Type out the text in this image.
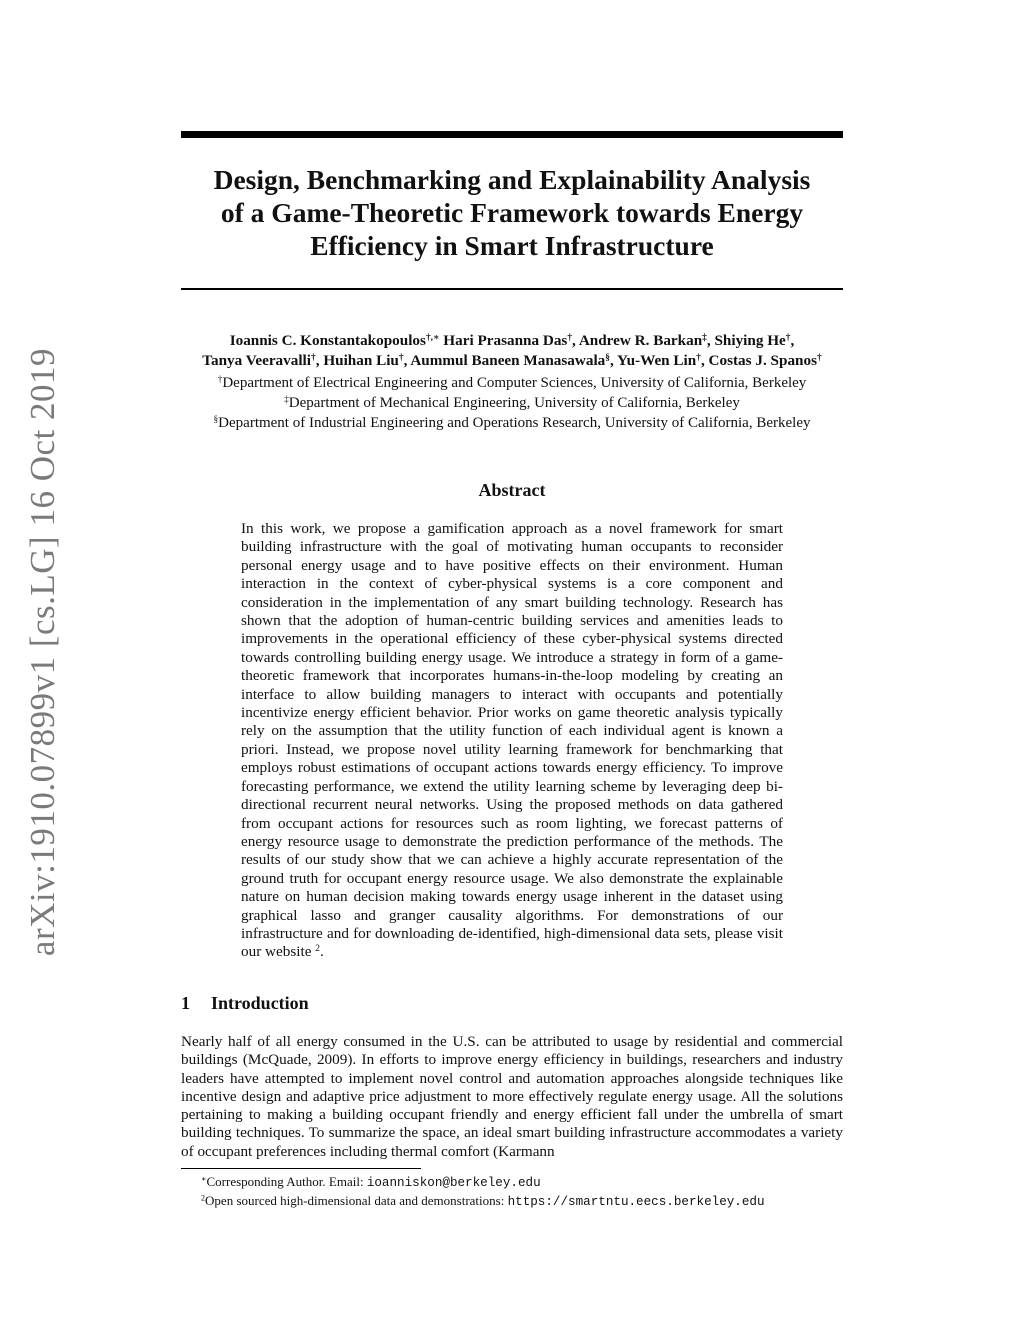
arXiv:1910.07899v1 [cs.LG] 16 Oct 2019
Design, Benchmarking and Explainability Analysis
of a Game-Theoretic Framework towards Energy
Efficiency in Smart Infrastructure
Ioannis C. Konstantakopoulos†,∗ Hari Prasanna Das†, Andrew R. Barkan‡, Shiying He†,
Tanya Veeravalli†, Huihan Liu†, Aummul Baneen Manasawala§, Yu-Wen Lin†, Costas J. Spanos†
†Department of Electrical Engineering and Computer Sciences, University of California, Berkeley
‡Department of Mechanical Engineering, University of California, Berkeley
§Department of Industrial Engineering and Operations Research, University of California, Berkeley
Abstract
In this work, we propose a gamification approach as a novel framework for smart building infrastructure with the goal of motivating human occupants to reconsider personal energy usage and to have positive effects on their environment. Human interaction in the context of cyber-physical systems is a core component and consideration in the implementation of any smart building technology. Research has shown that the adoption of human-centric building services and amenities leads to improvements in the operational efficiency of these cyber-physical systems directed towards controlling building energy usage. We introduce a strategy in form of a game-theoretic framework that incorporates humans-in-the-loop modeling by creating an interface to allow building managers to interact with occupants and potentially incentivize energy efficient behavior. Prior works on game theoretic analysis typically rely on the assumption that the utility function of each individual agent is known a priori. Instead, we propose novel utility learning framework for benchmarking that employs robust estimations of occupant actions towards energy efficiency. To improve forecasting performance, we extend the utility learning scheme by leveraging deep bi-directional recurrent neural networks. Using the proposed methods on data gathered from occupant actions for resources such as room lighting, we forecast patterns of energy resource usage to demonstrate the prediction performance of the methods. The results of our study show that we can achieve a highly accurate representation of the ground truth for occupant energy resource usage. We also demonstrate the explainable nature on human decision making towards energy usage inherent in the dataset using graphical lasso and granger causality algorithms. For demonstrations of our infrastructure and for downloading de-identified, high-dimensional data sets, please visit our website $^2$.
1 Introduction
Nearly half of all energy consumed in the U.S. can be attributed to usage by residential and commercial buildings (McQuade, 2009). In efforts to improve energy efficiency in buildings, researchers and industry leaders have attempted to implement novel control and automation approaches alongside techniques like incentive design and adaptive price adjustment to more effectively regulate energy usage. All the solutions pertaining to making a building occupant friendly and energy efficient fall under the umbrella of smart building techniques. To summarize the space, an ideal smart building infrastructure accommodates a variety of occupant preferences including thermal comfort (Karmann
∗Corresponding Author. Email: ioanniskon@berkeley.edu
$^2$Open sourced high-dimensional data and demonstrations: https://smartntu.eecs.berkeley.edu
